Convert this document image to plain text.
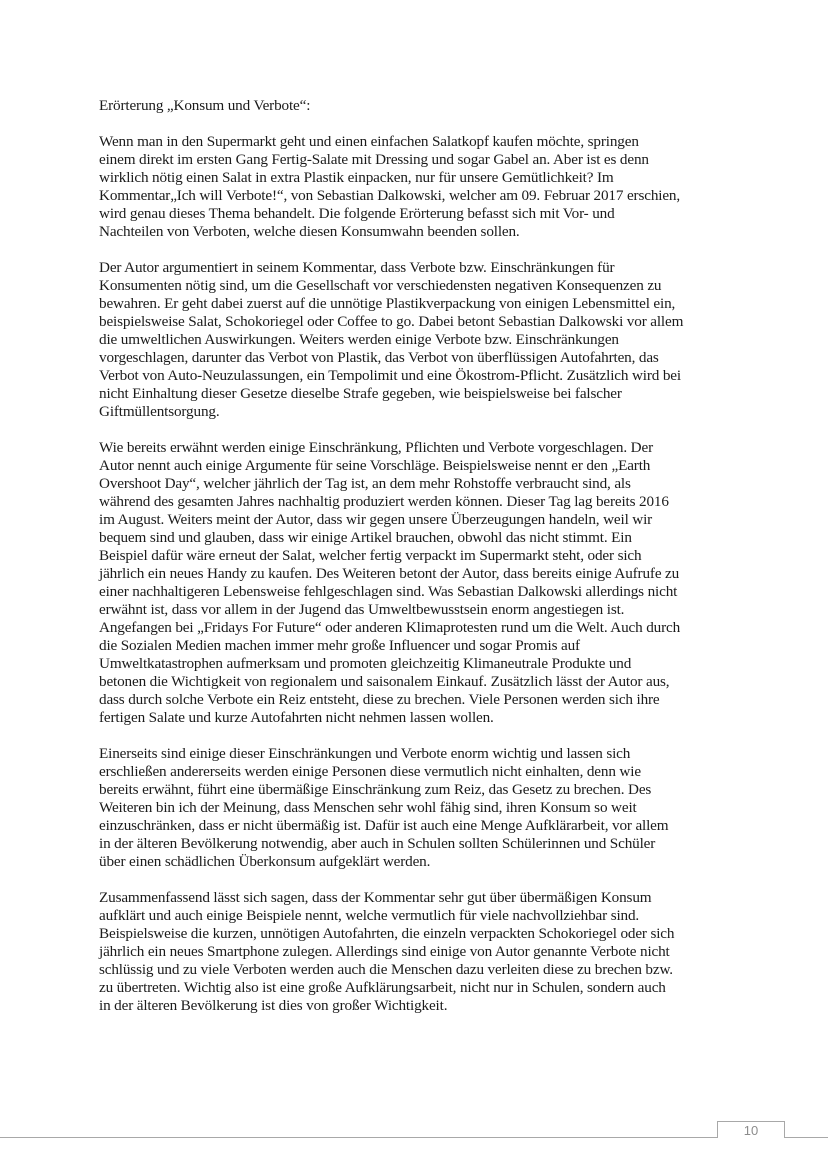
Erörterung „Konsum und Verbote“:
Wenn man in den Supermarkt geht und einen einfachen Salatkopf kaufen möchte, springen
einem direkt im ersten Gang Fertig-Salate mit Dressing und sogar Gabel an. Aber ist es denn
wirklich nötig einen Salat in extra Plastik einpacken, nur für unsere Gemütlichkeit? Im
Kommentar„Ich will Verbote!“, von Sebastian Dalkowski, welcher am 09. Februar 2017 erschien,
wird genau dieses Thema behandelt. Die folgende Erörterung befasst sich mit Vor- und
Nachteilen von Verboten, welche diesen Konsumwahn beenden sollen.
Der Autor argumentiert in seinem Kommentar, dass Verbote bzw. Einschränkungen für
Konsumenten nötig sind, um die Gesellschaft vor verschiedensten negativen Konsequenzen zu
bewahren. Er geht dabei zuerst auf die unnötige Plastikverpackung von einigen Lebensmittel ein,
beispielsweise Salat, Schokoriegel oder Coffee to go. Dabei betont Sebastian Dalkowski vor allem
die umweltlichen Auswirkungen. Weiters werden einige Verbote bzw. Einschränkungen
vorgeschlagen, darunter das Verbot von Plastik, das Verbot von überflüssigen Autofahrten, das
Verbot von Auto-Neuzulassungen, ein Tempolimit und eine Ökostrom-Pflicht. Zusätzlich wird bei
nicht Einhaltung dieser Gesetze dieselbe Strafe gegeben, wie beispielsweise bei falscher
Giftmüllentsorgung.
Wie bereits erwähnt werden einige Einschränkung, Pflichten und Verbote vorgeschlagen. Der
Autor nennt auch einige Argumente für seine Vorschläge. Beispielsweise nennt er den „Earth
Overshoot Day“, welcher jährlich der Tag ist, an dem mehr Rohstoffe verbraucht sind, als
während des gesamten Jahres nachhaltig produziert werden können. Dieser Tag lag bereits 2016
im August. Weiters meint der Autor, dass wir gegen unsere Überzeugungen handeln, weil wir
bequem sind und glauben, dass wir einige Artikel brauchen, obwohl das nicht stimmt. Ein
Beispiel dafür wäre erneut der Salat, welcher fertig verpackt im Supermarkt steht, oder sich
jährlich ein neues Handy zu kaufen. Des Weiteren betont der Autor, dass bereits einige Aufrufe zu
einer nachhaltigeren Lebensweise fehlgeschlagen sind. Was Sebastian Dalkowski allerdings nicht
erwähnt ist, dass vor allem in der Jugend das Umweltbewusstsein enorm angestiegen ist.
Angefangen bei „Fridays For Future“ oder anderen Klimaprotesten rund um die Welt. Auch durch
die Sozialen Medien machen immer mehr große Influencer und sogar Promis auf
Umweltkatastrophen aufmerksam und promoten gleichzeitig Klimaneutrale Produkte und
betonen die Wichtigkeit von regionalem und saisonalem Einkauf. Zusätzlich lässt der Autor aus,
dass durch solche Verbote ein Reiz entsteht, diese zu brechen. Viele Personen werden sich ihre
fertigen Salate und kurze Autofahrten nicht nehmen lassen wollen.
Einerseits sind einige dieser Einschränkungen und Verbote enorm wichtig und lassen sich
erschließen andererseits werden einige Personen diese vermutlich nicht einhalten, denn wie
bereits erwähnt, führt eine übermäßige Einschränkung zum Reiz, das Gesetz zu brechen. Des
Weiteren bin ich der Meinung, dass Menschen sehr wohl fähig sind, ihren Konsum so weit
einzuschränken, dass er nicht übermäßig ist. Dafür ist auch eine Menge Aufklärarbeit, vor allem
in der älteren Bevölkerung notwendig, aber auch in Schulen sollten Schülerinnen und Schüler
über einen schädlichen Überkonsum aufgeklärt werden.
Zusammenfassend lässt sich sagen, dass der Kommentar sehr gut über übermäßigen Konsum
aufklärt und auch einige Beispiele nennt, welche vermutlich für viele nachvollziehbar sind.
Beispielsweise die kurzen, unnötigen Autofahrten, die einzeln verpackten Schokoriegel oder sich
jährlich ein neues Smartphone zulegen. Allerdings sind einige von Autor genannte Verbote nicht
schlüssig und zu viele Verboten werden auch die Menschen dazu verleiten diese zu brechen bzw.
zu übertreten. Wichtig also ist eine große Aufklärungsarbeit, nicht nur in Schulen, sondern auch
in der älteren Bevölkerung ist dies von großer Wichtigkeit.
10
